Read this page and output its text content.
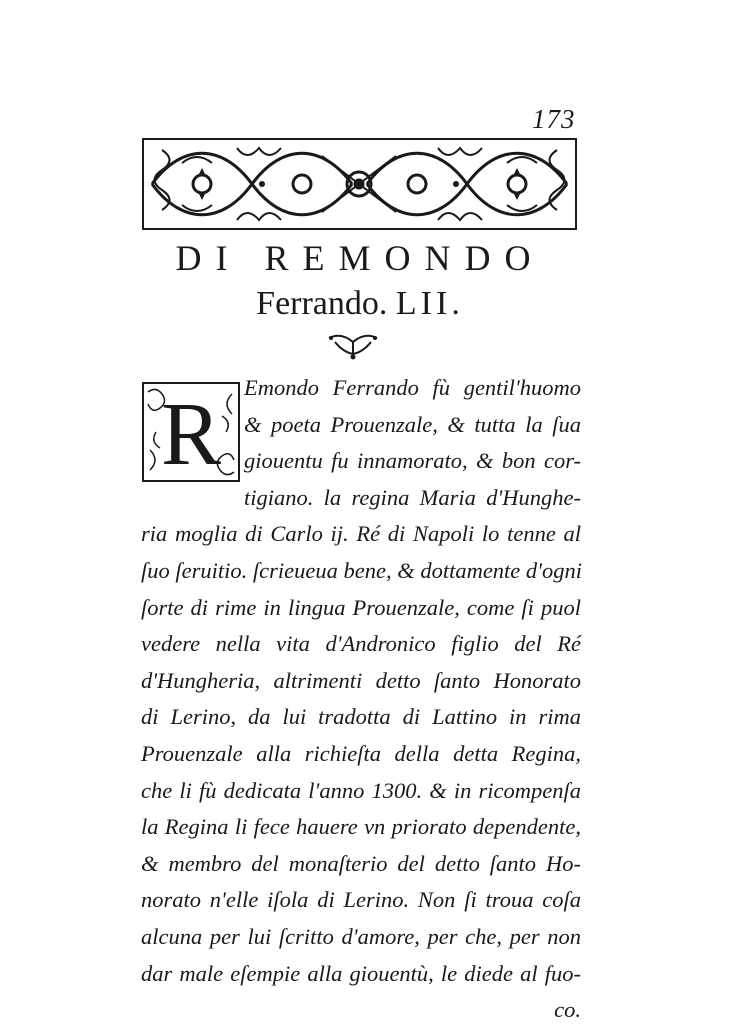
173
DI REMONDO
Ferrando. LII.
R Emondo Ferrando fù gentil'huomo
& poeta Prouenzale, & tutta la ſua
giouentu fu innamorato, & bon cor-
tigiano. la regina Maria d'Hunghe-
ria moglia di Carlo ij. Ré di Napoli lo tenne al
ſuo ſeruitio. ſcrieueua bene, & dottamente d'ogni
ſorte di rime in lingua Prouenzale, come ſi puol
vedere nella vita d'Andronico figlio del Ré
d'Hungheria, altrimenti detto ſanto Honorato
di Lerino, da lui tradotta di Lattino in rima
Prouenzale alla richieſta della detta Regina,
che li fù dedicata l'anno 1300. & in ricompenſa
la Regina li fece hauere vn priorato dependente,
& membro del monaſterio del detto ſanto Ho-
norato n'elle iſola di Lerino. Non ſi troua coſa
alcuna per lui ſcritto d'amore, per che, per non
dar male eſempie alla giouentù, le diede al fuo-
co.
